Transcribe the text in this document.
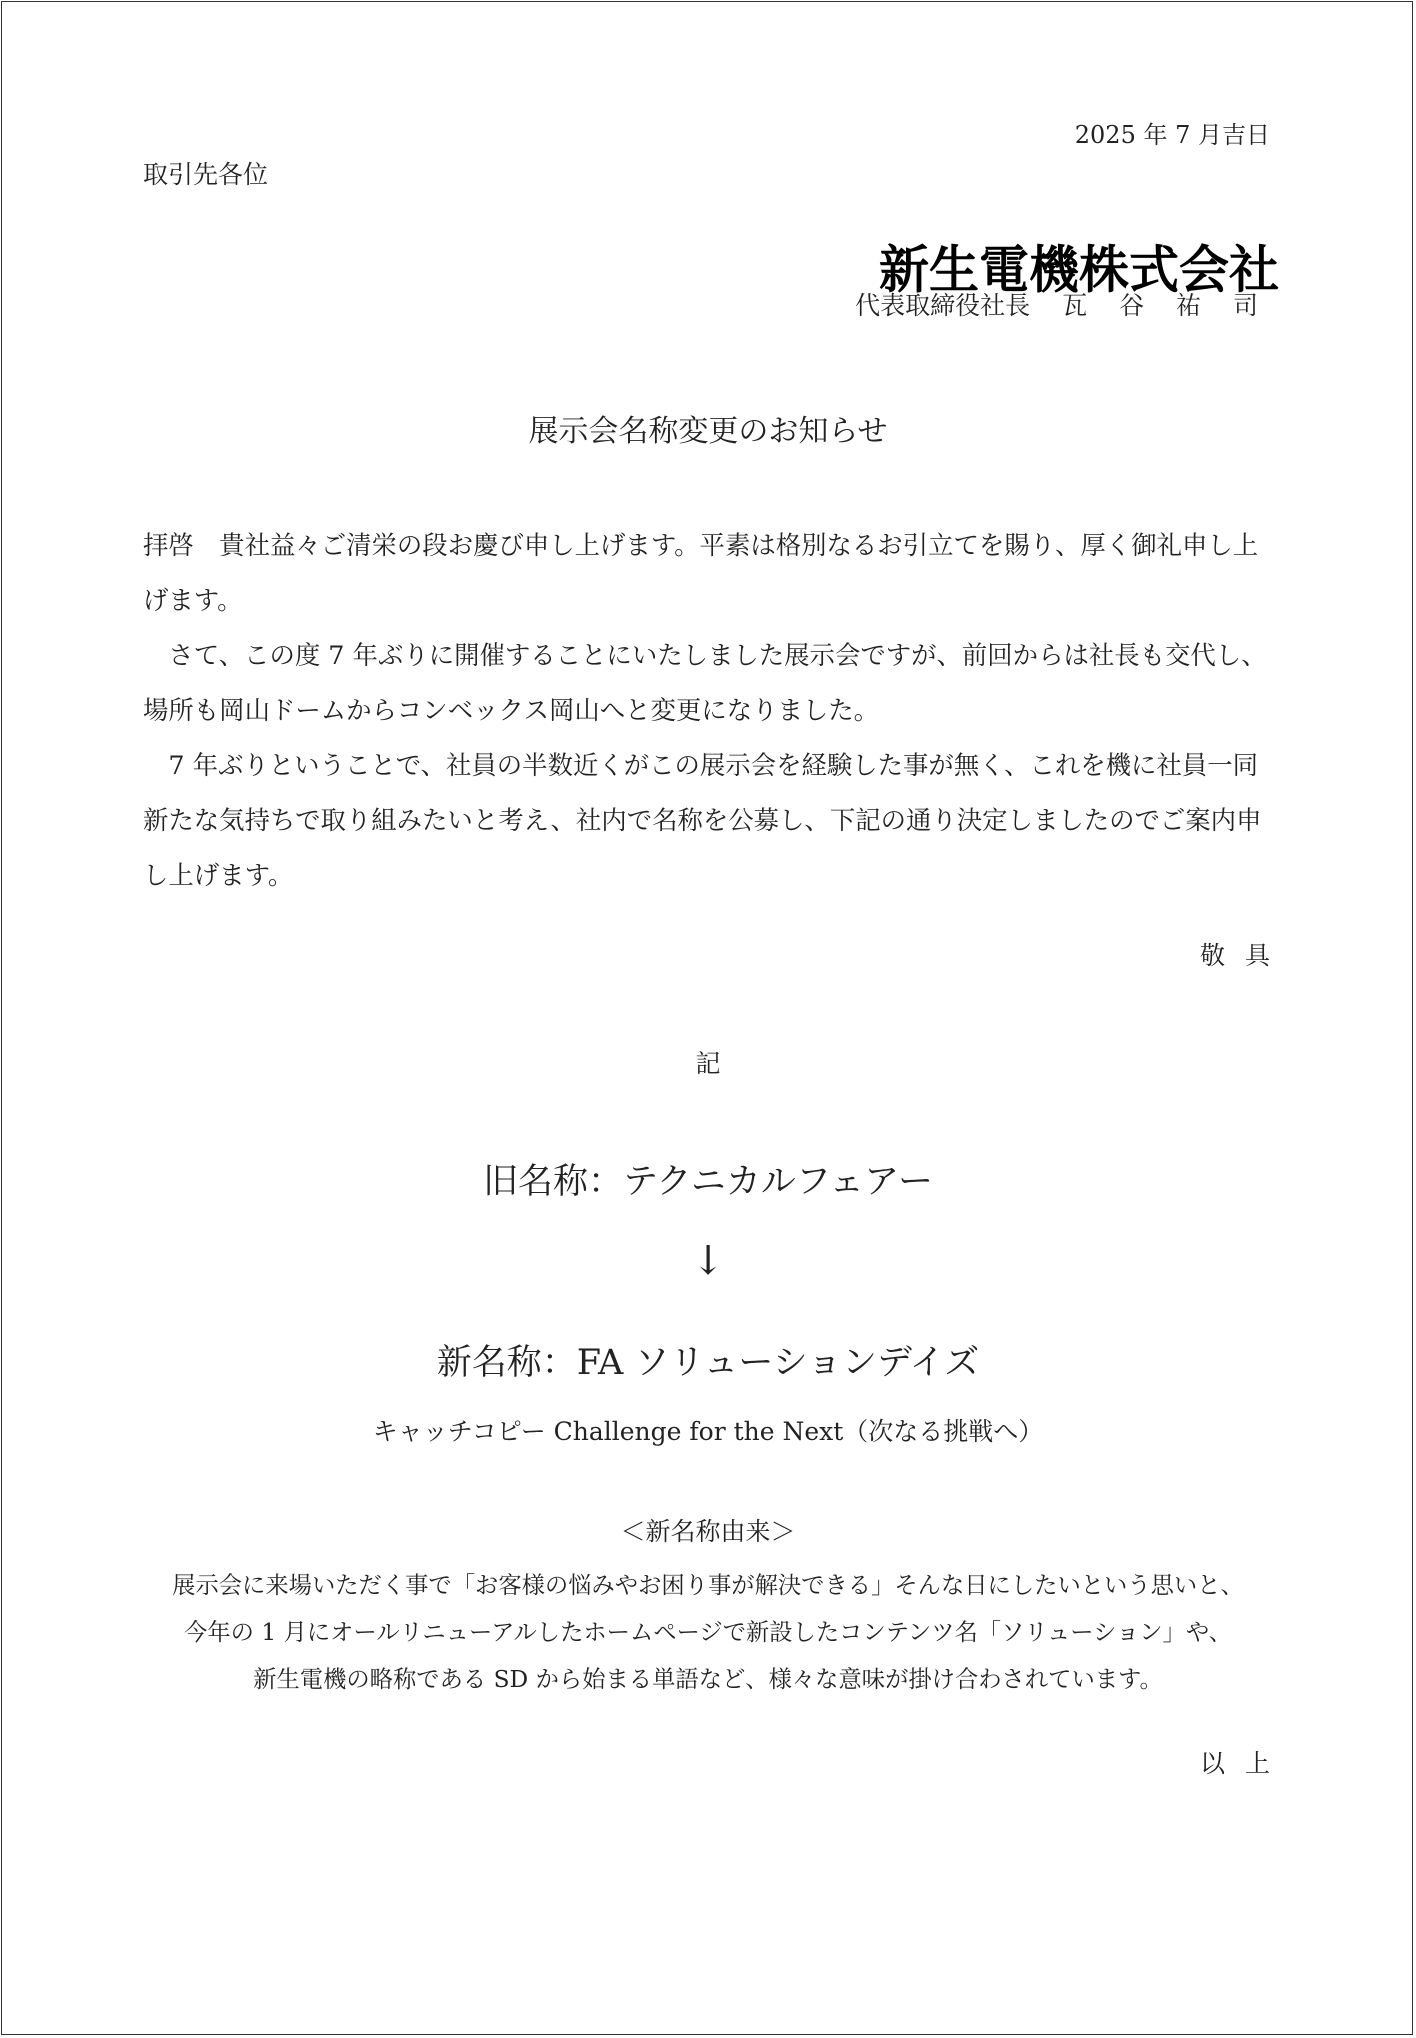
2025 年 7 月吉日
取引先各位
新生電機株式会社
代表取締役社長 瓦 谷 祐 司
展示会名称変更のお知らせ

拝啓　貴社益々ご清栄の段お慶び申し上げます。平素は格別なるお引立てを賜り、厚く御礼申し上げます。

　さて、この度 7 年ぶりに開催することにいたしました展示会ですが、前回からは社長も交代し、場所も岡山ドームからコンベックス岡山へと変更になりました。

　7 年ぶりということで、社員の半数近くがこの展示会を経験した事が無く、これを機に社員一同新たな気持ちで取り組みたいと考え、社内で名称を公募し、下記の通り決定しましたのでご案内申し上げます。

敬具
記
旧名称：テクニカルフェアー
↓
新名称：FA ソリューションデイズ
キャッチコピー Challenge for the Next（次なる挑戦へ）
＜新名称由来＞

展示会に来場いただく事で「お客様の悩みやお困り事が解決できる」そんな日にしたいという思いと、

今年の 1 月にオールリニューアルしたホームページで新設したコンテンツ名「ソリューション」や、

新生電機の略称である SD から始まる単語など、様々な意味が掛け合わされています。

以上
